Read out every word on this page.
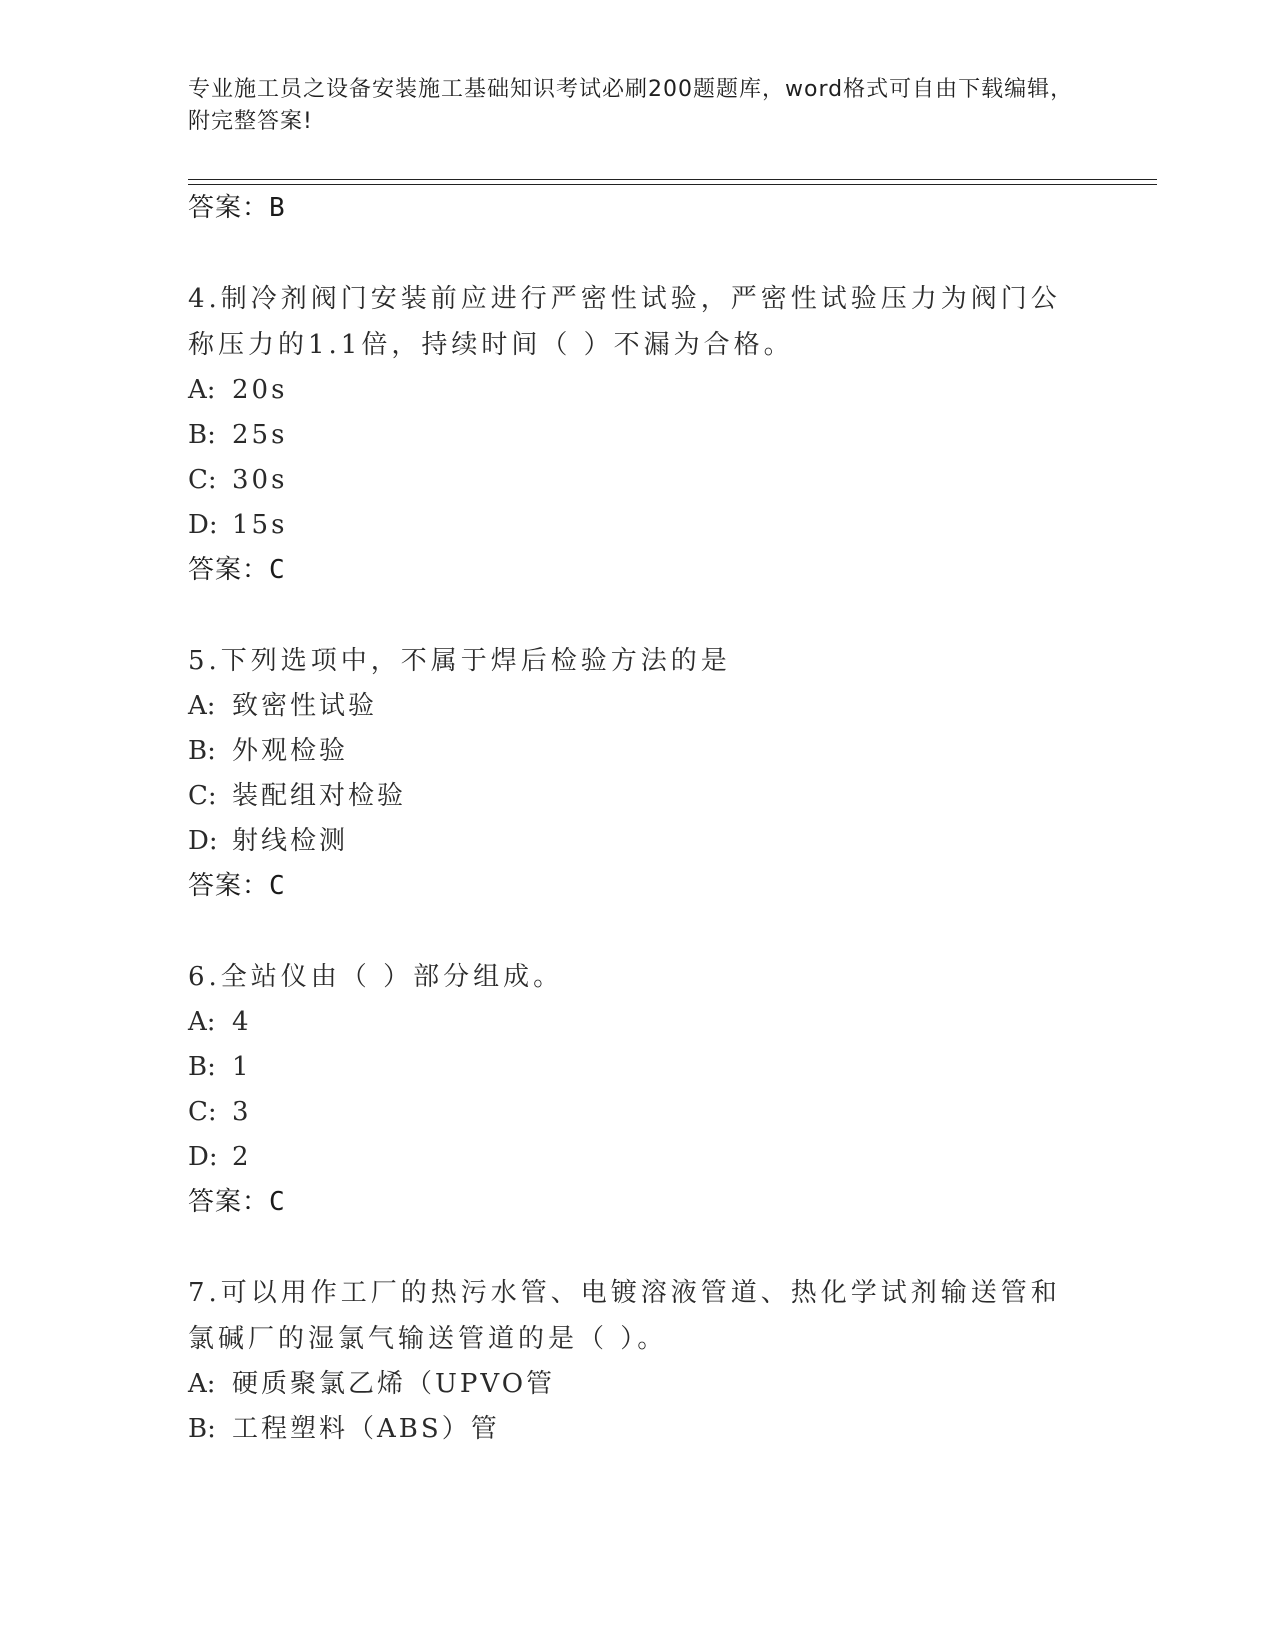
专业施工员之设备安装施工基础知识考试必刷200题题库，word格式可自由下载编辑，附完整答案!
答案：B
4.制冷剂阀门安装前应进行严密性试验，严密性试验压力为阀门公称压力的1.1倍，持续时间（ ）不漏为合格。
A: 20s
B: 25s
C: 30s
D: 15s
答案：C
5.下列选项中，不属于焊后检验方法的是
A: 致密性试验
B: 外观检验
C: 装配组对检验
D: 射线检测
答案：C
6.全站仪由（ ）部分组成。
A: 4
B: 1
C: 3
D: 2
答案：C
7.可以用作工厂的热污水管、电镀溶液管道、热化学试剂输送管和氯碱厂的湿氯气输送管道的是（ ）。
A: 硬质聚氯乙烯（UPVO管
B: 工程塑料（ABS）管
